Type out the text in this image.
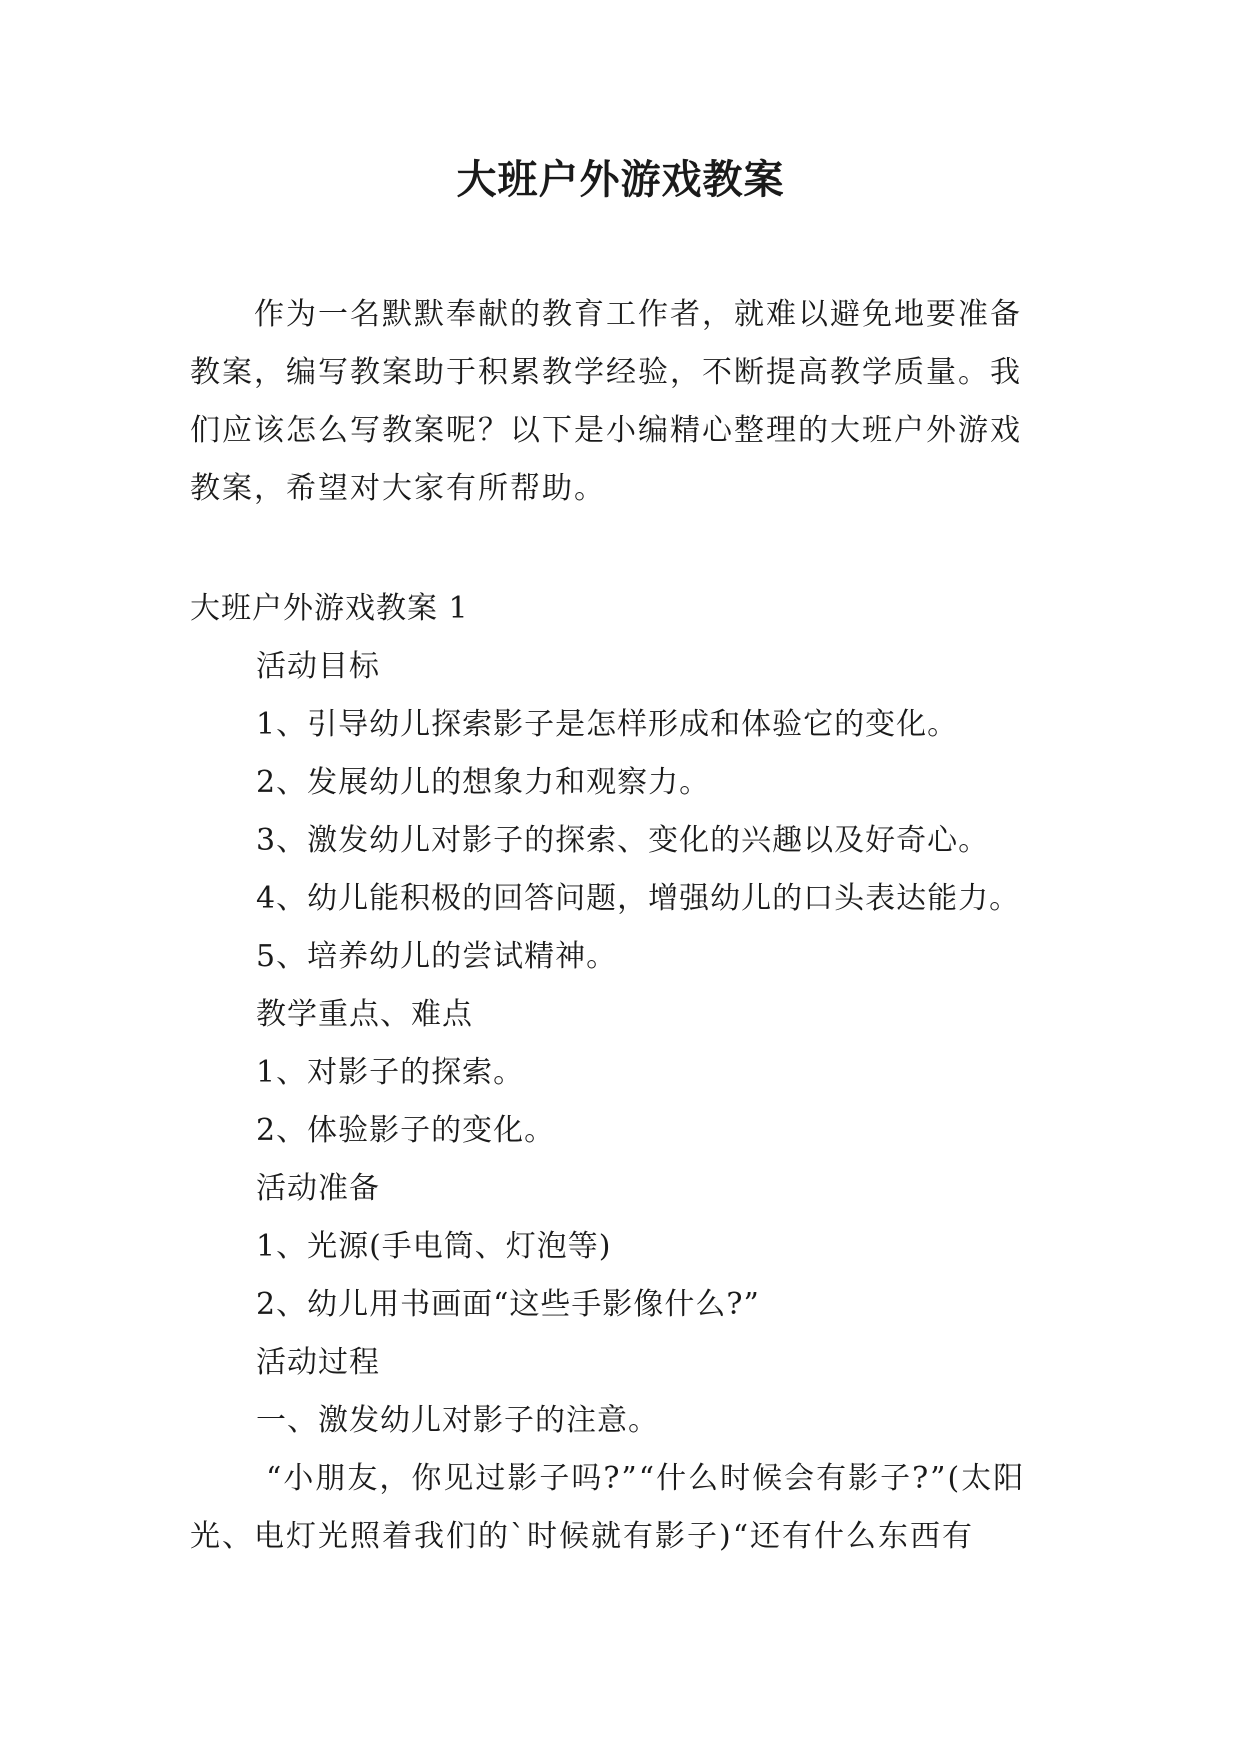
大班户外游戏教案

作为一名默默奉献的教育工作者，就难以避免地要准备教案，编写教案助于积累教学经验，不断提高教学质量。我们应该怎么写教案呢？以下是小编精心整理的大班户外游戏教案，希望对大家有所帮助。

大班户外游戏教案 1

活动目标

1、引导幼儿探索影子是怎样形成和体验它的变化。

2、发展幼儿的想象力和观察力。

3、激发幼儿对影子的探索、变化的兴趣以及好奇心。

4、幼儿能积极的回答问题，增强幼儿的口头表达能力。

5、培养幼儿的尝试精神。

教学重点、难点

1、对影子的探索。

2、体验影子的变化。

活动准备

1、光源(手电筒、灯泡等)

2、幼儿用书画面“这些手影像什么?”

活动过程

一、激发幼儿对影子的注意。

“小朋友，你见过影子吗?”“什么时候会有影子?”(太阳光、电灯光照着我们的`时候就有影子)“还有什么东西有
